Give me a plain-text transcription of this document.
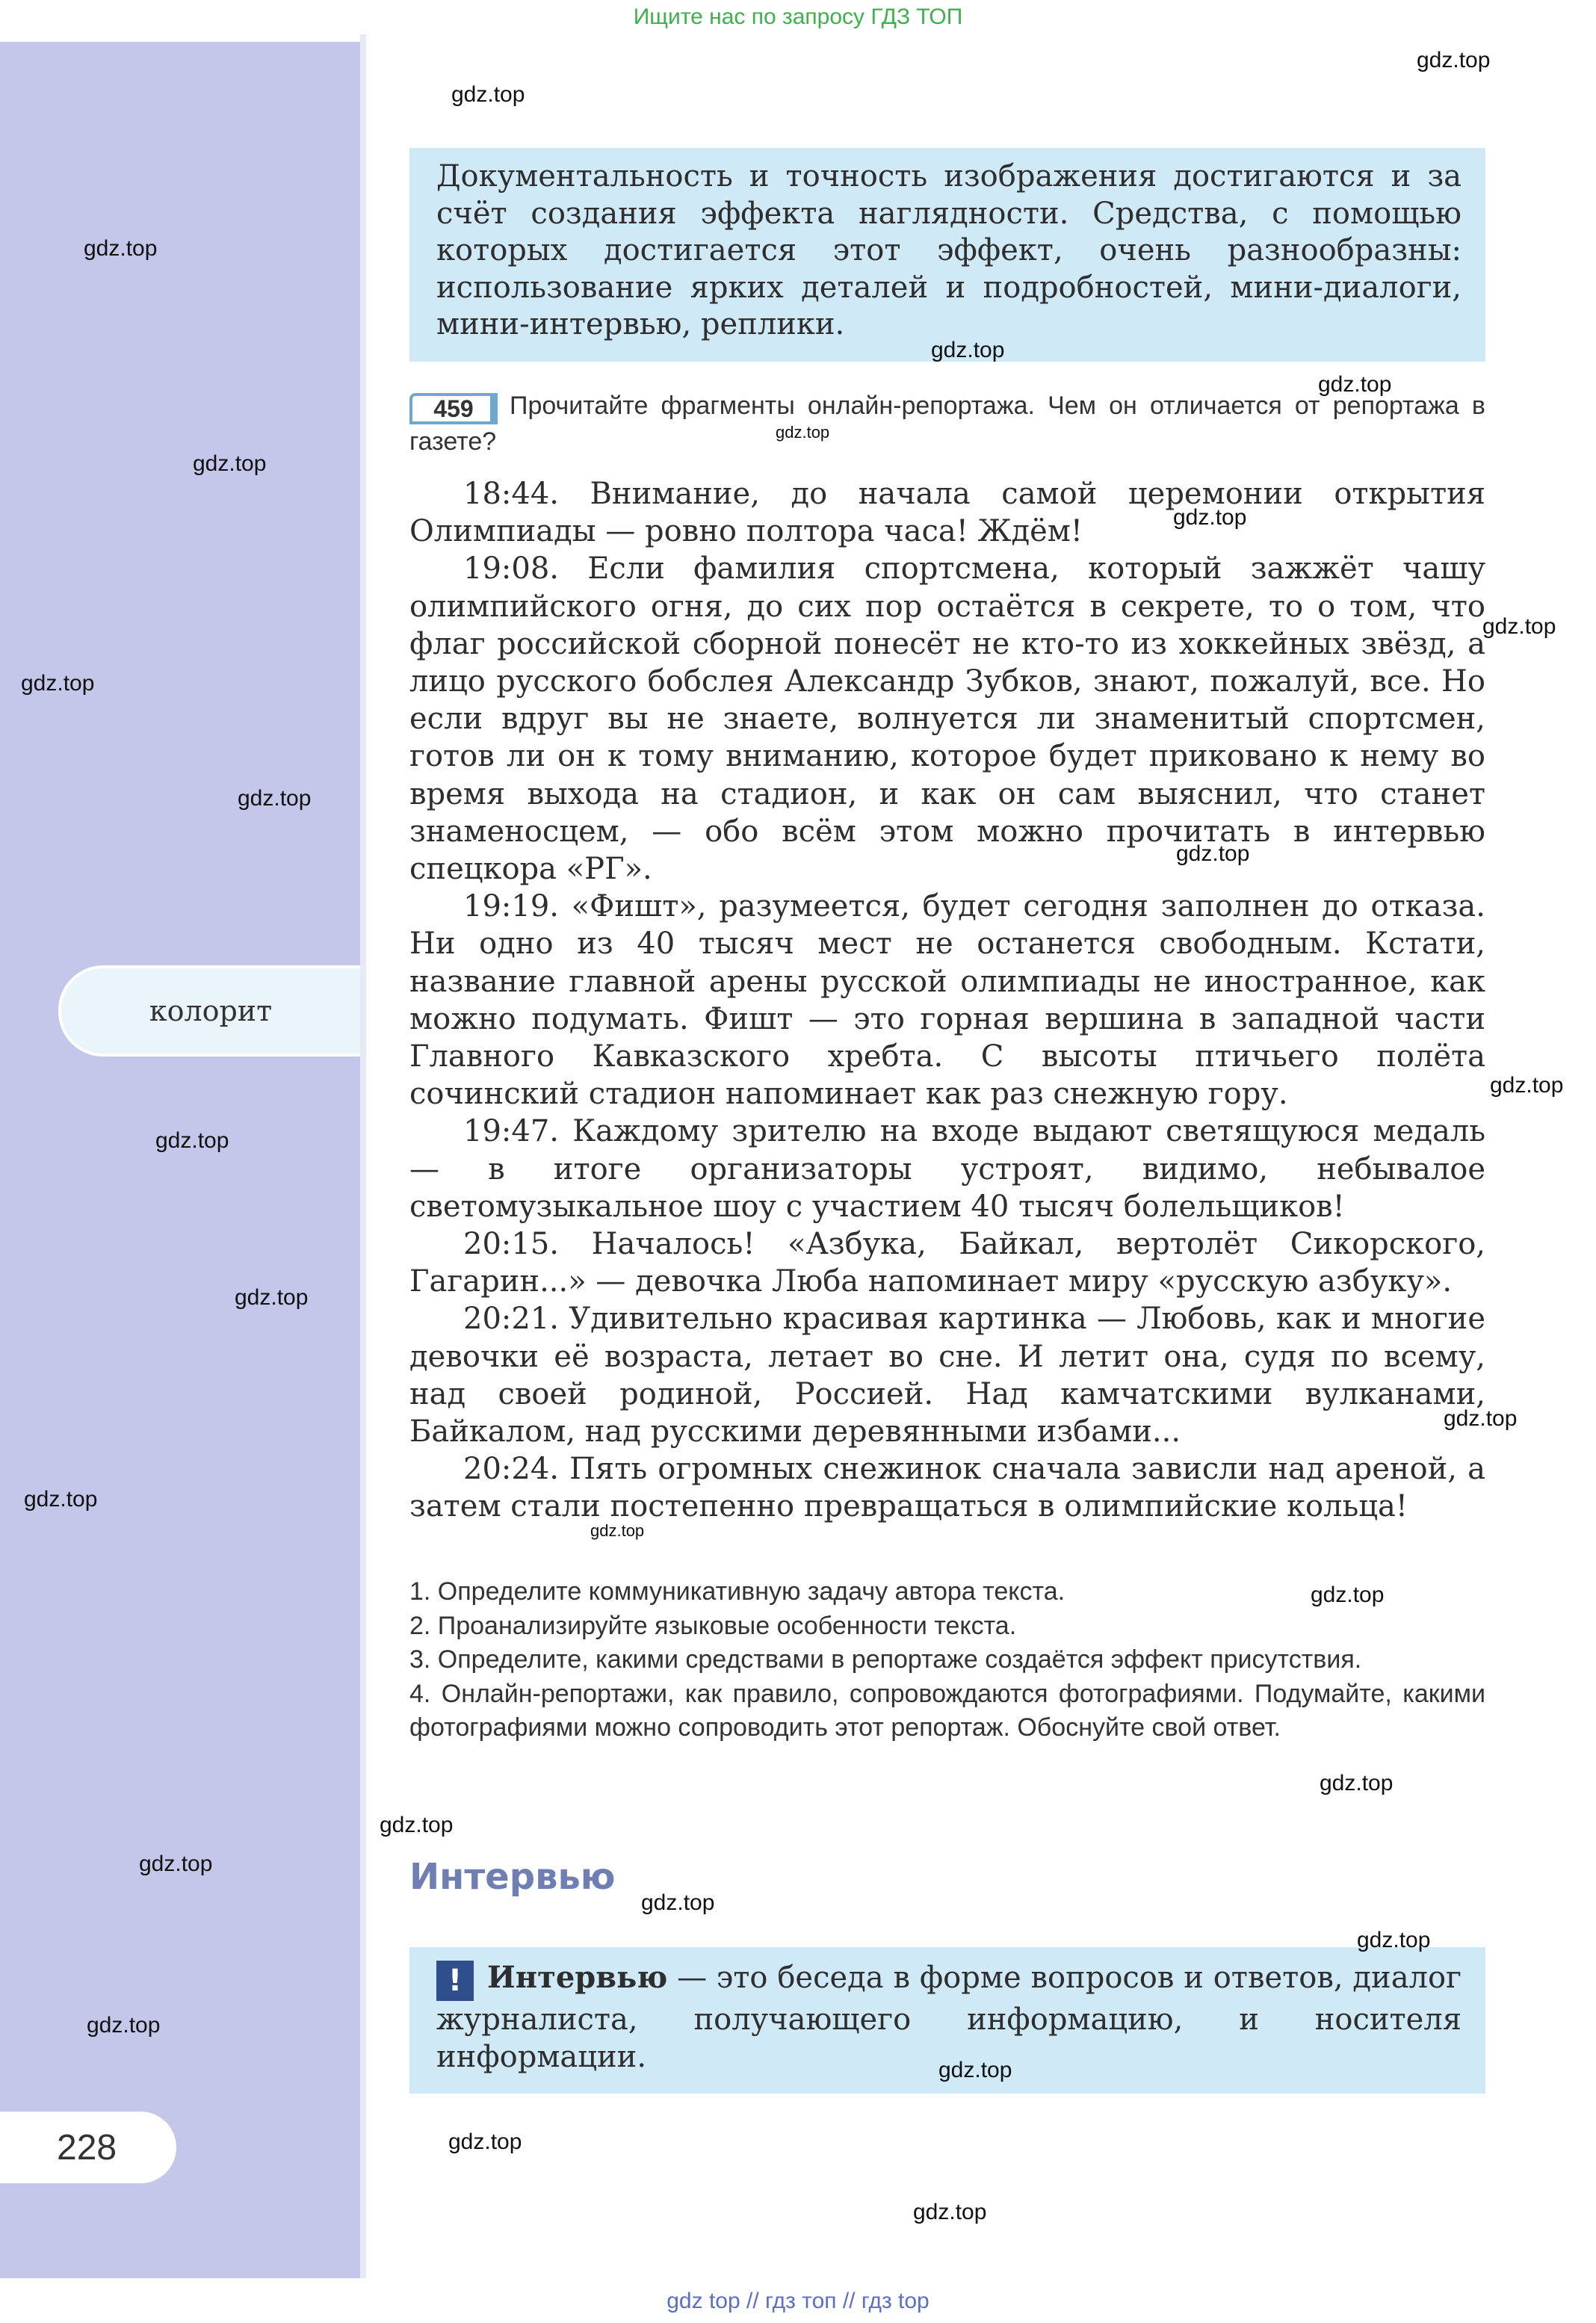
Ищите нас по запросу ГДЗ ТОП
колорит
228
Документальность и точность изображения достигаются и за счёт создания эффекта наглядности. Средства, с помощью которых достигается этот эффект, очень разнообразны: использование ярких деталей и подробностей, мини-диалоги, мини-интервью, реплики.
459 Прочитайте фрагменты онлайн-репортажа. Чем он отличается от репортажа в газете?

18:44. Внимание, до начала самой церемонии открытия Олимпиады — ровно полтора часа! Ждём!

19:08. Если фамилия спортсмена, который зажжёт чашу олимпийского огня, до сих пор остаётся в секрете, то о том, что флаг российской сборной понесёт не кто-то из хоккейных звёзд, а лицо русского бобслея Александр Зубков, знают, пожалуй, все. Но если вдруг вы не знаете, волнуется ли знаменитый спортсмен, готов ли он к тому вниманию, которое будет приковано к нему во время выхода на стадион, и как он сам выяснил, что станет знаменосцем, — обо всём этом можно прочитать в интервью спецкора «РГ».

19:19. «Фишт», разумеется, будет сегодня заполнен до отказа. Ни одно из 40 тысяч мест не останется свободным. Кстати, название главной арены русской олимпиады не иностранное, как можно подумать. Фишт — это горная вершина в западной части Главного Кавказского хребта. С высоты птичьего полёта сочинский стадион напоминает как раз снежную гору.

19:47. Каждому зрителю на входе выдают светящуюся медаль — в итоге организаторы устроят, видимо, небывалое светомузыкальное шоу с участием 40 тысяч болельщиков!

20:15. Началось! «Азбука, Байкал, вертолёт Сикорского, Гагарин...» — девочка Люба напоминает миру «русскую азбуку».

20:21. Удивительно красивая картинка — Любовь, как и многие девочки её возраста, летает во сне. И летит она, судя по всему, над своей родиной, Россией. Над камчатскими вулканами, Байкалом, над русскими деревянными избами...

20:24. Пять огромных снежинок сначала зависли над ареной, а затем стали постепенно превращаться в олимпийские кольца!

1. Определите коммуникативную задачу автора текста.

2. Проанализируйте языковые особенности текста.

3. Определите, какими средствами в репортаже создаётся эффект присутствия.

4. Онлайн-репортажи, как правило, сопровождаются фотографиями. Подумайте, какими фотографиями можно сопроводить этот репортаж. Обоснуйте свой ответ.

Интервью
! Интервью — это беседа в форме вопросов и ответов, диалог журналиста, получающего информацию, и носителя информации.
gdz.top
gdz.top
gdz.top
gdz.top
gdz.top
gdz.top
gdz.top
gdz.top
gdz.top
gdz.top
gdz.top
gdz.top
gdz.top
gdz.top
gdz.top
gdz.top
gdz.top
gdz.top
gdz.top
gdz.top
gdz.top
gdz.top
gdz.top
gdz.top
gdz.top
gdz.top
gdz.top
gdz.top
gdz top // гдз топ // гдз top
